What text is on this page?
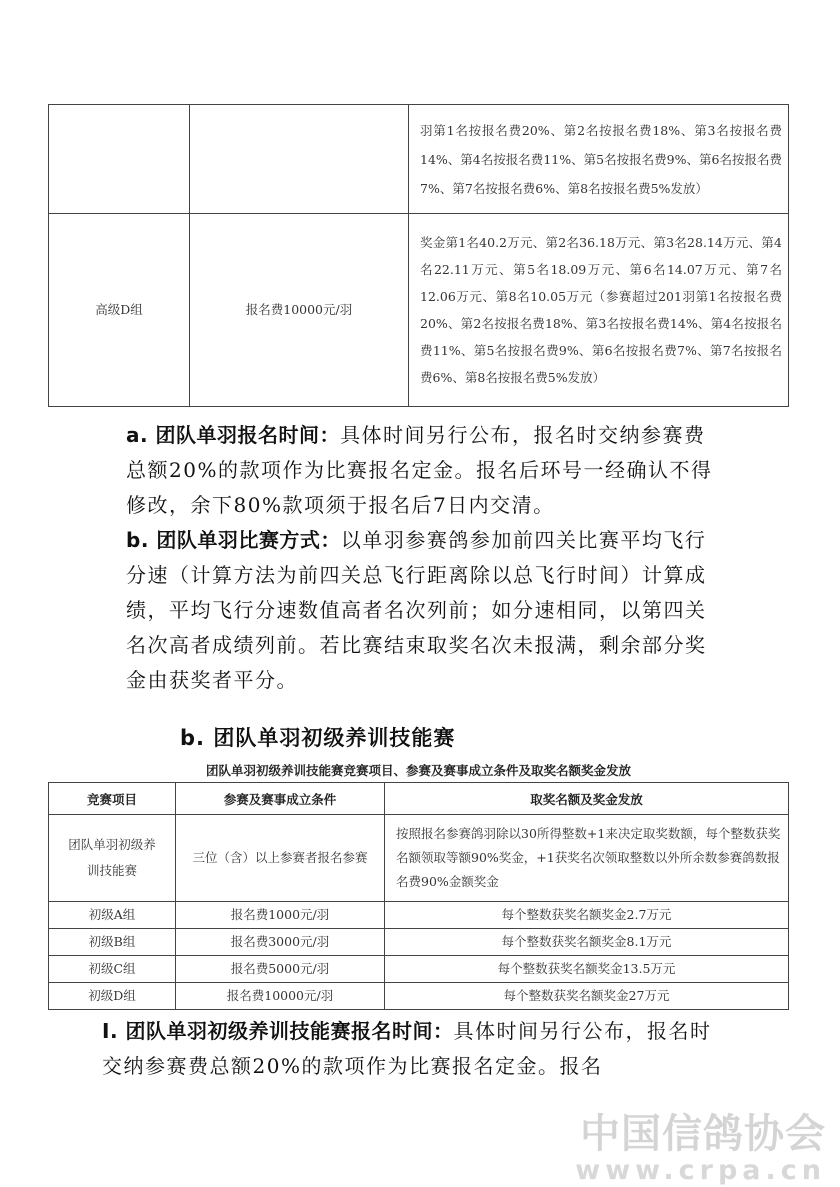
		羽第1名按报名费20%、第2名按报名费18%、第3名按报名费14%、第4名按报名费11%、第5名按报名费9%、第6名按报名费7%、第7名按报名费6%、第8名按报名费5%发放）
高级D组	报名费10000元/羽	奖金第1名40.2万元、第2名36.18万元、第3名28.14万元、第4名22.11万元、第5名18.09万元、第6名14.07万元、第7名12.06万元、第8名10.05万元（参赛超过201羽第1名按报名费20%、第2名按报名费18%、第3名按报名费14%、第4名按报名费11%、第5名按报名费9%、第6名按报名费7%、第7名按报名费6%、第8名按报名费5%发放）
a. 团队单羽报名时间：具体时间另行公布，报名时交纳参赛费总额20%的款项作为比赛报名定金。报名后环号一经确认不得修改，余下80%款项须于报名后7日内交清。
b. 团队单羽比赛方式：以单羽参赛鸽参加前四关比赛平均飞行分速（计算方法为前四关总飞行距离除以总飞行时间）计算成绩，平均飞行分速数值高者名次列前；如分速相同，以第四关名次高者成绩列前。若比赛结束取奖名次未报满，剩余部分奖金由获奖者平分。
b. 团队单羽初级养训技能赛
团队单羽初级养训技能赛竞赛项目、参赛及赛事成立条件及取奖名额奖金发放
竞赛项目	参赛及赛事成立条件	取奖名额及奖金发放
团队单羽初级养训技能赛	三位（含）以上参赛者报名参赛	按照报名参赛鸽羽除以30所得整数+1来决定取奖数额，每个整数获奖名额领取等额90%奖金，+1获奖名次领取整数以外所余数参赛鸽数报名费90%金额奖金
初级A组	报名费1000元/羽	每个整数获奖名额奖金2.7万元
初级B组	报名费3000元/羽	每个整数获奖名额奖金8.1万元
初级C组	报名费5000元/羽	每个整数获奖名额奖金13.5万元
初级D组	报名费10000元/羽	每个整数获奖名额奖金27万元
I. 团队单羽初级养训技能赛报名时间：具体时间另行公布，报名时交纳参赛费总额20%的款项作为比赛报名定金。报名
中国信鸽协会
www.crpa.cn
